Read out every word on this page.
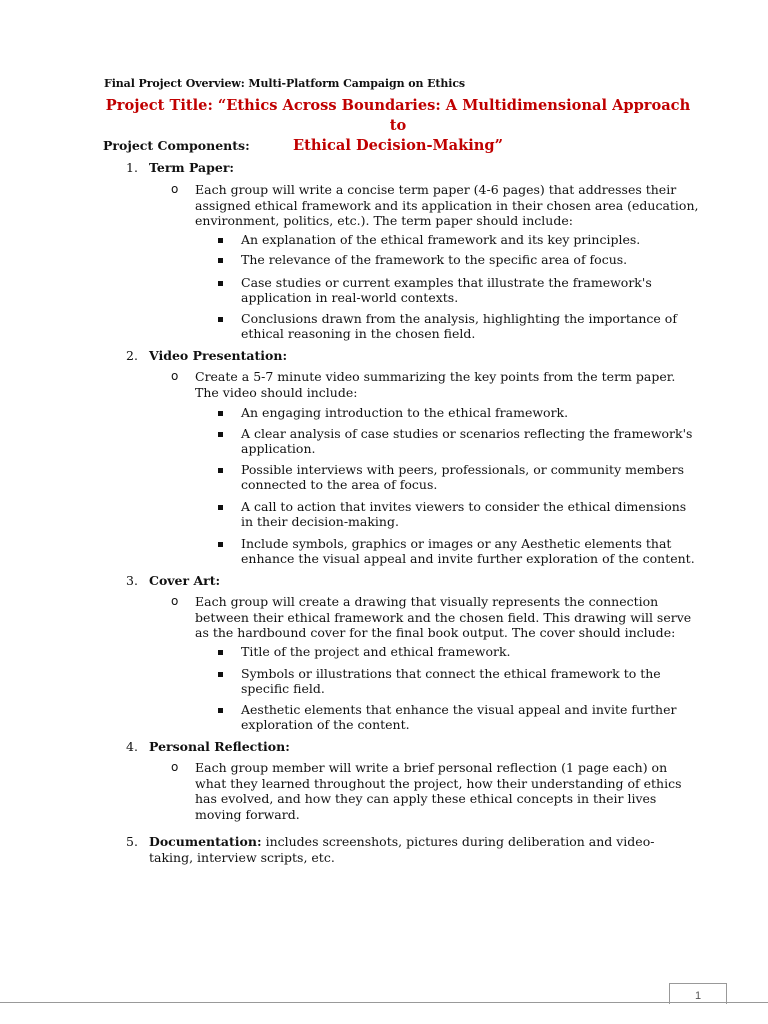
Final Project Overview: Multi-Platform Campaign on Ethics
Project Title: “Ethics Across Boundaries: A Multidimensional Approach to
Ethical Decision-Making”
Project Components:
1. Term Paper:
o Each group will write a concise term paper (4-6 pages) that addresses their assigned ethical framework and its application in their chosen area (education, environment, politics, etc.). The term paper should include:
An explanation of the ethical framework and its key principles.
The relevance of the framework to the specific area of focus.
Case studies or current examples that illustrate the framework's application in real-world contexts.
Conclusions drawn from the analysis, highlighting the importance of ethical reasoning in the chosen field.
2. Video Presentation:
o Create a 5-7 minute video summarizing the key points from the term paper. The video should include:
An engaging introduction to the ethical framework.
A clear analysis of case studies or scenarios reflecting the framework's application.
Possible interviews with peers, professionals, or community members connected to the area of focus.
A call to action that invites viewers to consider the ethical dimensions in their decision-making.
Include symbols, graphics or images or any Aesthetic elements that enhance the visual appeal and invite further exploration of the content.
3. Cover Art:
o Each group will create a drawing that visually represents the connection between their ethical framework and the chosen field. This drawing will serve as the hardbound cover for the final book output. The cover should include:
Title of the project and ethical framework.
Symbols or illustrations that connect the ethical framework to the specific field.
Aesthetic elements that enhance the visual appeal and invite further exploration of the content.
4. Personal Reflection:
o Each group member will write a brief personal reflection (1 page each) on what they learned throughout the project, how their understanding of ethics has evolved, and how they can apply these ethical concepts in their lives moving forward.
5. Documentation: includes screenshots, pictures during deliberation and video-taking, interview scripts, etc.
1
